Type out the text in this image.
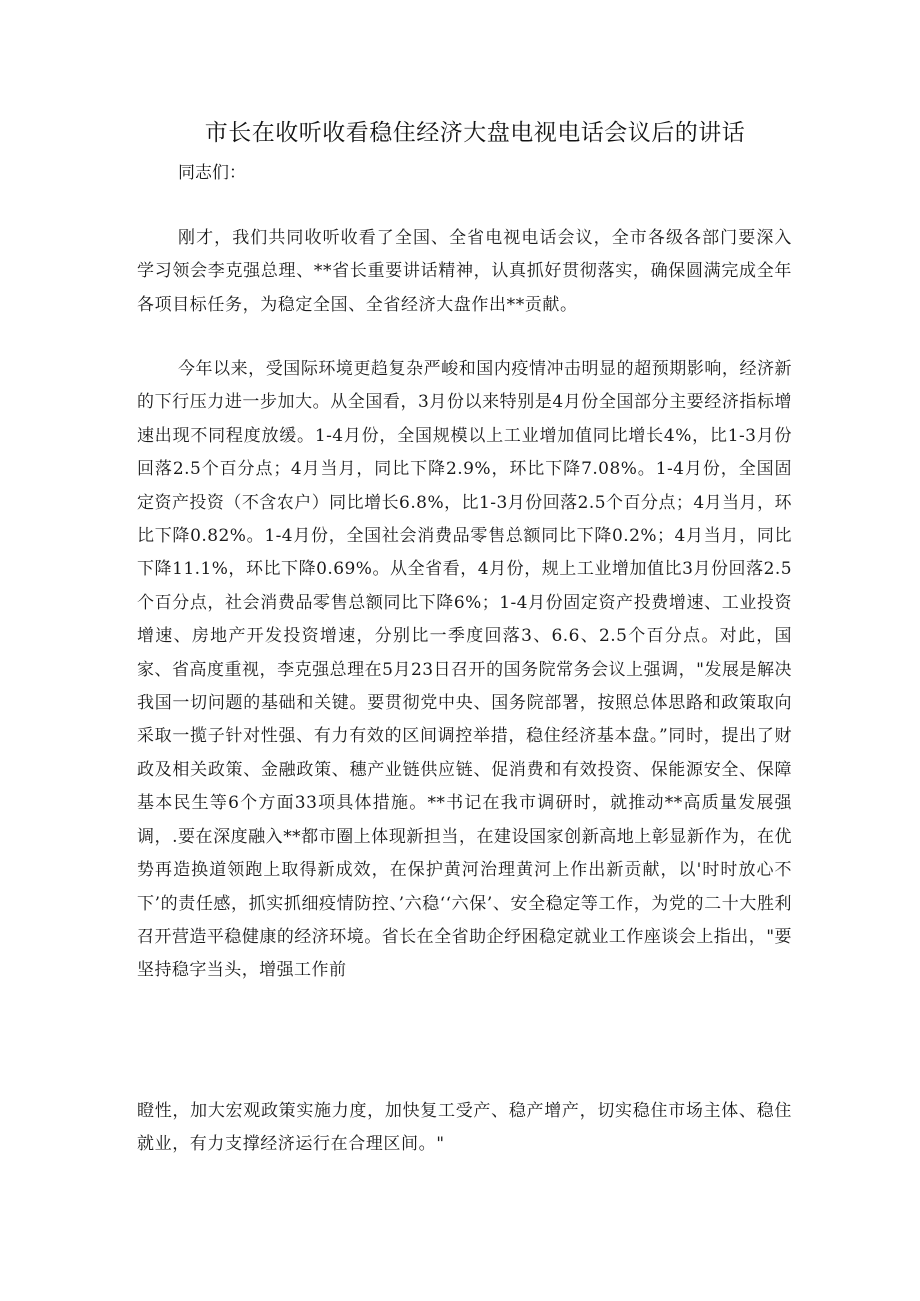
市长在收听收看稳住经济大盘电视电话会议后的讲话

同志们：

刚才，我们共同收听收看了全国、全省电视电话会议，全市各级各部门要深入学习领会李克强总理、**省长重要讲话精神，认真抓好贯彻落实，确保圆满完成全年各项目标任务，为稳定全国、全省经济大盘作出**贡献。

今年以来，受国际环境更趋复杂严峻和国内疫情冲击明显的超预期影响，经济新的下行压力进一步加大。从全国看，3月份以来特别是4月份全国部分主要经济指标增速出现不同程度放缓。1-4月份，全国规模以上工业增加值同比增长4%，比1-3月份回落2.5个百分点；4月当月，同比下降2.9%，环比下降7.08%。1-4月份，全国固定资产投资（不含农户）同比增长6.8%，比1-3月份回落2.5个百分点；4月当月，环比下降0.82%。1-4月份，全国社会消费品零售总额同比下降0.2%；4月当月，同比下降11.1%，环比下降0.69%。从全省看，4月份，规上工业增加值比3月份回落2.5个百分点，社会消费品零售总额同比下降6%；1-4月份固定资产投费增速、工业投资增速、房地产开发投资增速，分别比一季度回落3、6.6、2.5个百分点。对此，国家、省高度重视，李克强总理在5月23日召开的国务院常务会议上强调，"发展是解决我国一切问题的基础和关键。要贯彻党中央、国务院部署，按照总体思路和政策取向采取一揽子针对性强、有力有效的区间调控举措，稳住经济基本盘。”同时，提出了财政及相关政策、金融政策、穗产业链供应链、促消费和有效投资、保能源安全、保障基本民生等6个方面33项具体措施。**书记在我市调研时，就推动**高质量发展强调，.要在深度融入**都市圈上体现新担当，在建设国家创新高地上彰显新作为，在优势再造换道领跑上取得新成效，在保护黄河治理黄河上作出新贡献，以'时时放心不下’的责任感，抓实抓细疫情防控、’六稳‘‘六保’、安全稳定等工作，为党的二十大胜利召开营造平稳健康的经济环境。省长在全省助企纾困稳定就业工作座谈会上指出，"要坚持稳字当头，增强工作前

瞪性，加大宏观政策实施力度，加快复工受产、稳产增产，切实稳住市场主体、稳住就业，有力支撑经济运行在合理区间。"
